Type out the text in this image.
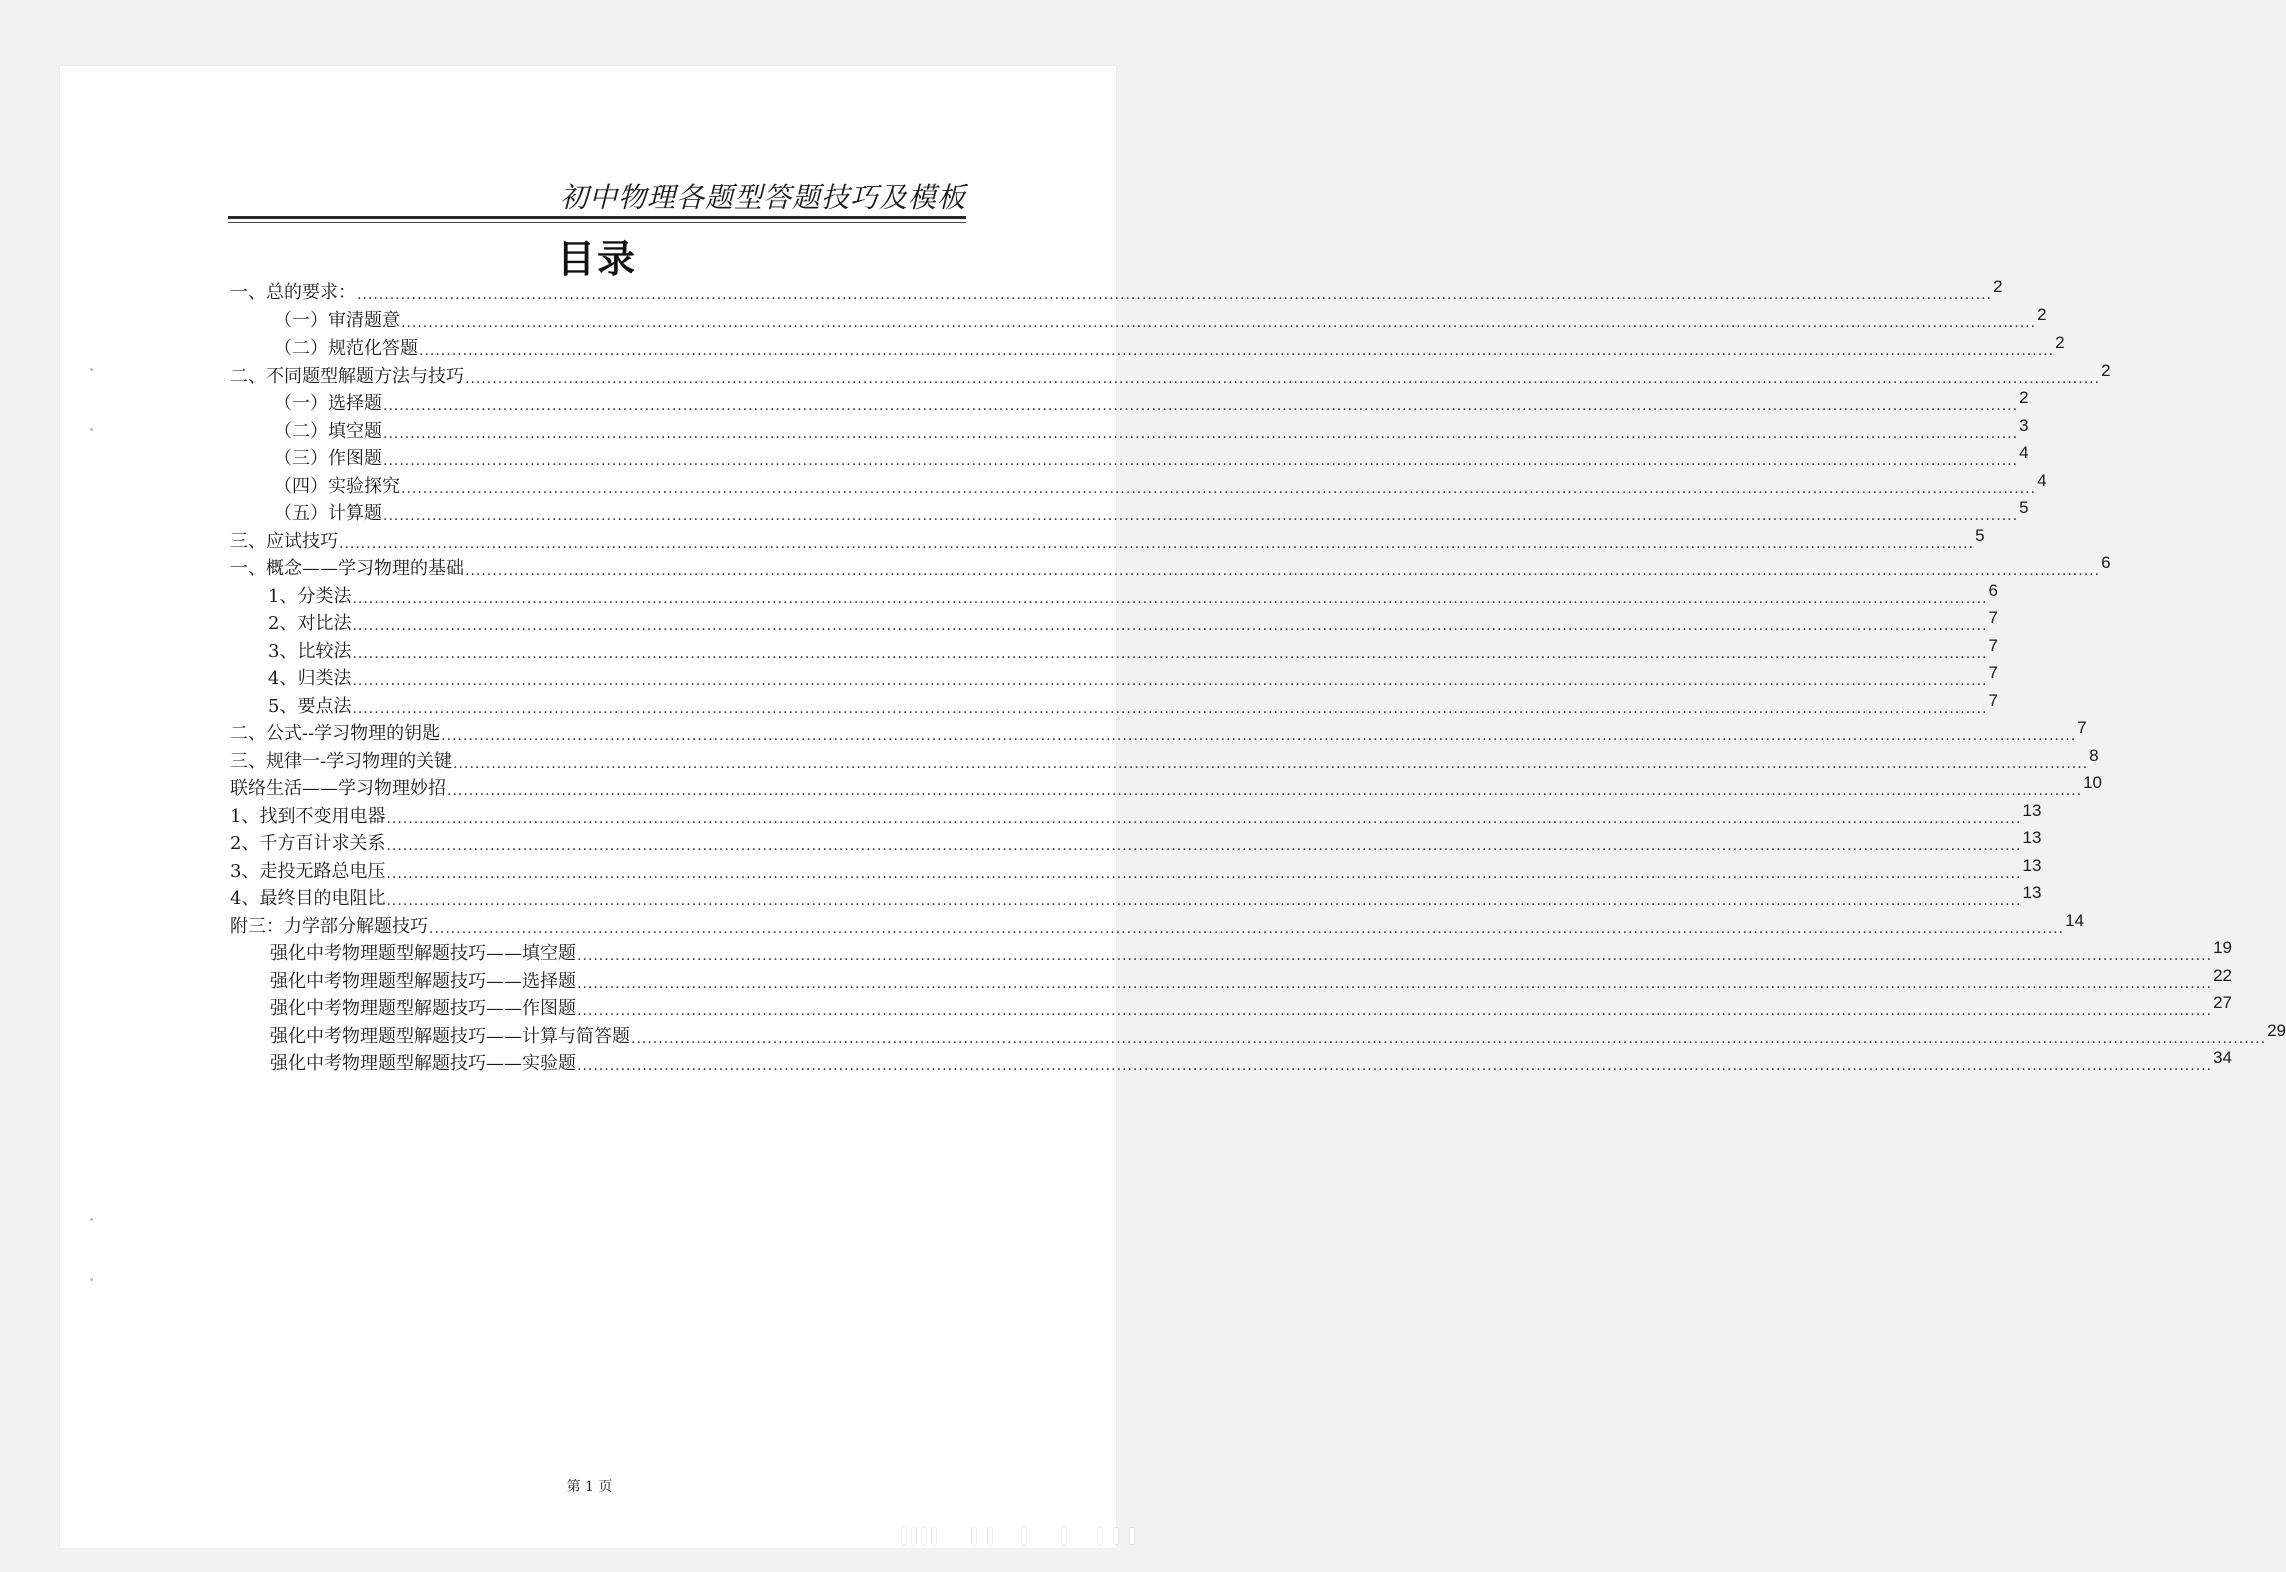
初中物理各题型答题技巧及模板
目录
一、总的要求： ............................................................................................................................................................................................................................................................................................................ 2
（一）审清题意 ............................................................................................................................................................................................................................................................................................................ 2
（二）规范化答题 ............................................................................................................................................................................................................................................................................................................ 2
二、不同题型解题方法与技巧 ............................................................................................................................................................................................................................................................................................................ 2
（一）选择题 ............................................................................................................................................................................................................................................................................................................ 2
（二）填空题 ............................................................................................................................................................................................................................................................................................................ 3
（三）作图题 ............................................................................................................................................................................................................................................................................................................ 4
（四）实验探究 ............................................................................................................................................................................................................................................................................................................ 4
（五）计算题 ............................................................................................................................................................................................................................................................................................................ 5
三、应试技巧 ............................................................................................................................................................................................................................................................................................................ 5
一、概念——学习物理的基础 ............................................................................................................................................................................................................................................................................................................ 6
1、分类法 ............................................................................................................................................................................................................................................................................................................ 6
2、对比法 ............................................................................................................................................................................................................................................................................................................ 7
3、比较法 ............................................................................................................................................................................................................................................................................................................ 7
4、归类法 ............................................................................................................................................................................................................................................................................................................ 7
5、要点法 ............................................................................................................................................................................................................................................................................................................ 7
二、公式--学习物理的钥匙 ............................................................................................................................................................................................................................................................................................................ 7
三、规律一-学习物理的关键 ............................................................................................................................................................................................................................................................................................................ 8
联络生活——学习物理妙招 ............................................................................................................................................................................................................................................................................................................ 10
1、找到不变用电器 ............................................................................................................................................................................................................................................................................................................ 13
2、千方百计求关系 ............................................................................................................................................................................................................................................................................................................ 13
3、走投无路总电压 ............................................................................................................................................................................................................................................................................................................ 13
4、最终目的电阻比 ............................................................................................................................................................................................................................................................................................................ 13
附三：力学部分解题技巧 ............................................................................................................................................................................................................................................................................................................ 14
强化中考物理题型解题技巧——填空题 ............................................................................................................................................................................................................................................................................................................ 19
强化中考物理题型解题技巧——选择题 ............................................................................................................................................................................................................................................................................................................ 22
强化中考物理题型解题技巧——作图题 ............................................................................................................................................................................................................................................................................................................ 27
强化中考物理题型解题技巧——计算与简答题 ............................................................................................................................................................................................................................................................................................................ 29
强化中考物理题型解题技巧——实验题 ............................................................................................................................................................................................................................................................................................................ 34
第 1 页
